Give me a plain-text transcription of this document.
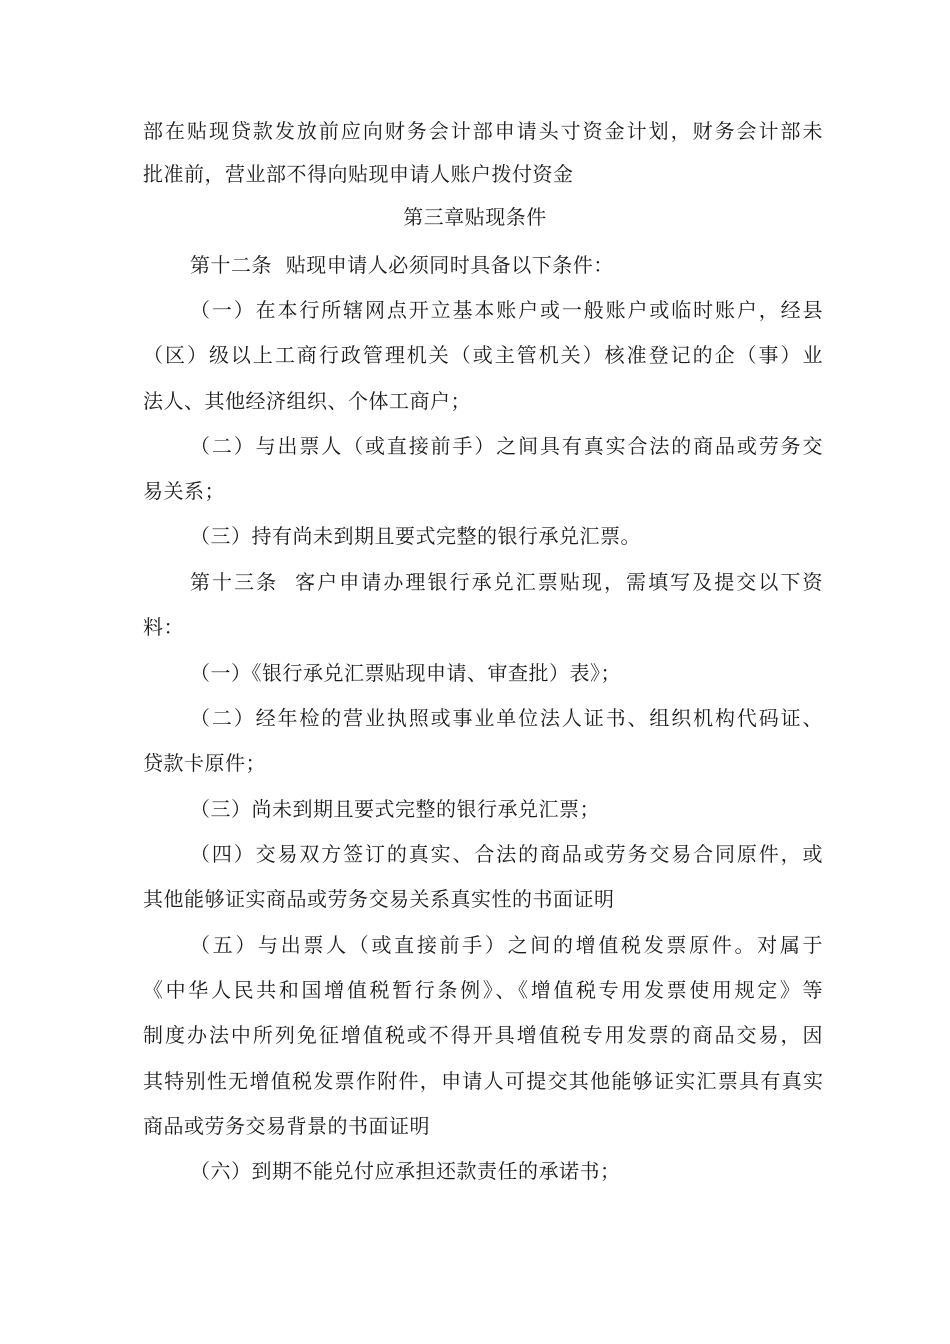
部在贴现贷款发放前应向财务会计部申请头寸资金计划，财务会计部未
批准前，营业部不得向贴现申请人账户拨付资金
第三章贴现条件
第十二条  贴现申请人必须同时具备以下条件：
（一）在本行所辖网点开立基本账户或一般账户或临时账户，经县
（区）级以上工商行政管理机关（或主管机关）核准登记的企（事）业
法人、其他经济组织、个体工商户；
（二）与出票人（或直接前手）之间具有真实合法的商品或劳务交
易关系；
（三）持有尚未到期且要式完整的银行承兑汇票。
第十三条  客户申请办理银行承兑汇票贴现，需填写及提交以下资
料：
（一）《银行承兑汇票贴现申请、审查批）表》；
（二）经年检的营业执照或事业单位法人证书、组织机构代码证、
贷款卡原件；
（三）尚未到期且要式完整的银行承兑汇票；
（四）交易双方签订的真实、合法的商品或劳务交易合同原件，或
其他能够证实商品或劳务交易关系真实性的书面证明
（五）与出票人（或直接前手）之间的增值税发票原件。对属于
《中华人民共和国增值税暂行条例》、《增值税专用发票使用规定》等
制度办法中所列免征增值税或不得开具增值税专用发票的商品交易，因
其特别性无增值税发票作附件，申请人可提交其他能够证实汇票具有真实
商品或劳务交易背景的书面证明
（六）到期不能兑付应承担还款责任的承诺书；
